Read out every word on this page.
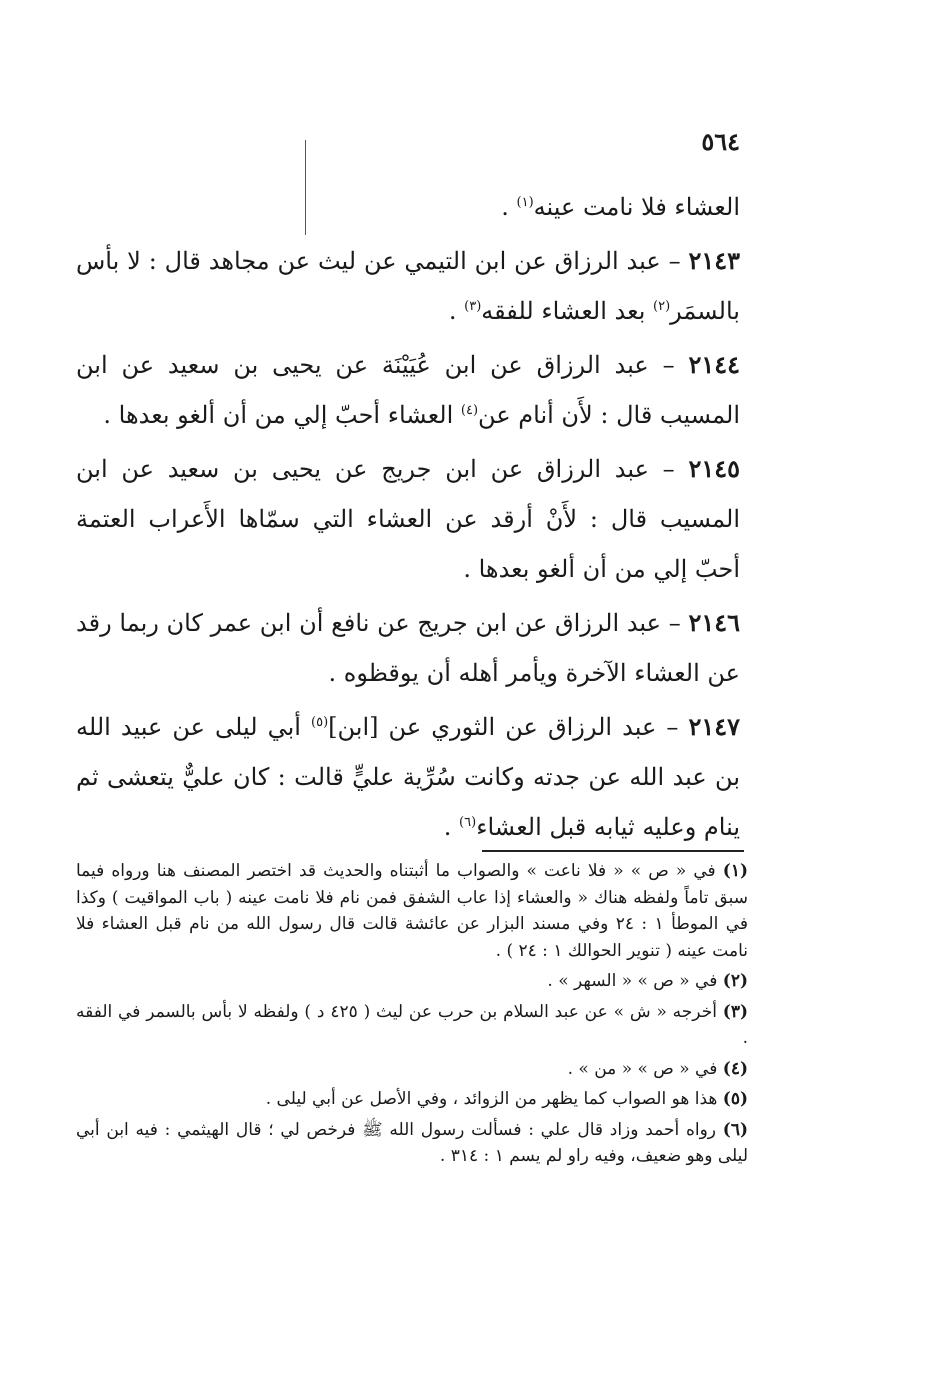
٥٦٤

العشاء فلا نامت عينه$^{(١)}$ .

٢١٤٣ – عبد الرزاق عن ابن التيمي عن ليث عن مجاهد قال : لا بأس بالسمَر$^{(٢)}$ بعد العشاء للفقه$^{(٣)}$ .

٢١٤٤ – عبد الرزاق عن ابن عُيَيْنَة عن يحيى بن سعيد عن ابن المسيب قال : لأَن أنام عن$^{(٤)}$ العشاء أحبّ إلي من أن ألغو بعدها .

٢١٤٥ – عبد الرزاق عن ابن جريج عن يحيى بن سعيد عن ابن المسيب قال : لأَنْ أرقد عن العشاء التي سمّاها الأَعراب العتمة أحبّ إلي من أن ألغو بعدها .

٢١٤٦ – عبد الرزاق عن ابن جريج عن نافع أن ابن عمر كان ربما رقد عن العشاء الآخرة ويأمر أهله أن يوقظوه .

٢١٤٧ – عبد الرزاق عن الثوري عن [ابن]$^{(٥)}$ أبي ليلى عن عبيد الله بن عبد الله عن جدته وكانت سُرِّية عليٍّ قالت : كان عليٌّ يتعشى ثم ينام وعليه ثيابه قبل العشاء$^{(٦)}$ .

(١) في « ص » « فلا ناعت » والصواب ما أثبتناه والحديث قد اختصر المصنف هنا ورواه فيما سبق تاماً ولفظه هناك « والعشاء إذا عاب الشفق فمن نام فلا نامت عينه ( باب المواقيت ) وكذا في الموطأ ١ : ٢٤ وفي مسند البزار عن عائشة قالت قال رسول الله من نام قبل العشاء فلا نامت عينه ( تنوير الحوالك ١ : ٢٤ ) .

(٢) في « ص » « السهر » .

(٣) أخرجه « ش » عن عبد السلام بن حرب عن ليث ( ٤٢٥ د ) ولفظه لا بأس بالسمر في الفقه .

(٤) في « ص » « من » .

(٥) هذا هو الصواب كما يظهر من الزوائد ، وفي الأصل عن أبي ليلى .

(٦) رواه أحمد وزاد قال علي : فسألت رسول الله ﷺ فرخص لي ؛ قال الهيثمي : فيه ابن أبي ليلى وهو ضعيف، وفيه راو لم يسم ١ : ٣١٤ .
